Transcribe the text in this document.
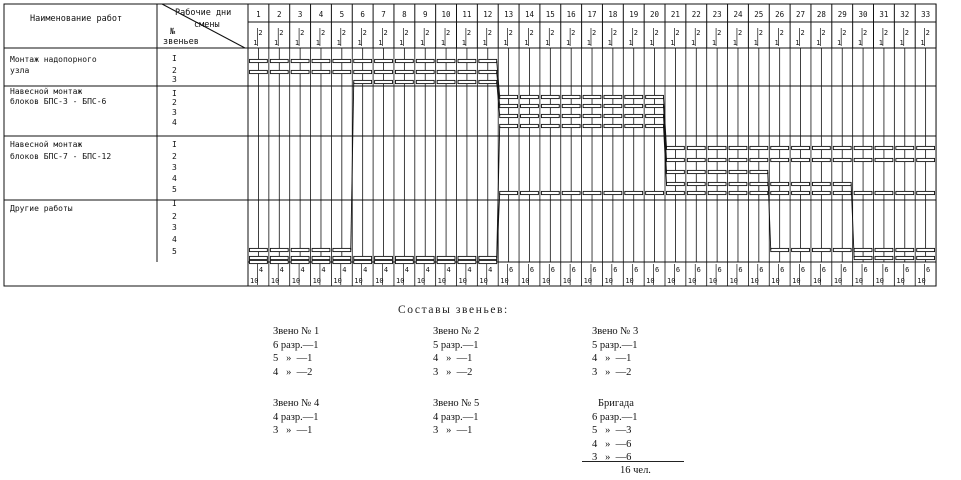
Наименование работ
Рабочие дни
смены
№
звеньев
1
2
1
2
2
1
3
2
1
4
2
1
5
2
1
6
2
1
7
2
1
8
2
1
9
2
1
10
2
1
11
2
1
12
2
1
13
2
1
14
2
1
15
2
1
16
2
1
17
2
1
18
2
1
19
2
1
20
2
1
21
2
1
22
2
1
23
2
1
24
2
1
25
2
1
26
2
1
27
2
1
28
2
1
29
2
1
30
2
1
31
2
1
32
2
1
33
2
1
Монтаж надопорного
узла
I
2
3
Навесной монтаж
блоков БПС-3 - БПС-6
I
2
3
4
Навесной монтаж
блоков БПС-7 - БПС-12
I
2
3
4
5
Другие работы
I
2
3
4
5
4
10
4
10
4
10
4
10
4
10
4
10
4
10
4
10
4
10
4
10
4
10
4
10
6
10
6
10
6
10
6
10
6
10
6
10
6
10
6
10
6
10
6
10
6
10
6
10
6
10
6
10
6
10
6
10
6
10
6
10
6
10
6
10
6
10
Составы звеньев:
Звено № 1
6 разр.—1
5   »  —1
4   »  —2
Звено № 2
5 разр.—1
4   »  —1
3   »  —2
Звено № 3
5 разр.—1
4   »  —1
3   »  —2
Звено № 4
4 разр.—1
3   »  —1
Звено № 5
4 разр.—1
3   »  —1
Бригада
6 разр.—1
5   »  —3
4   »  —6
3   »  —6
16 чел.
